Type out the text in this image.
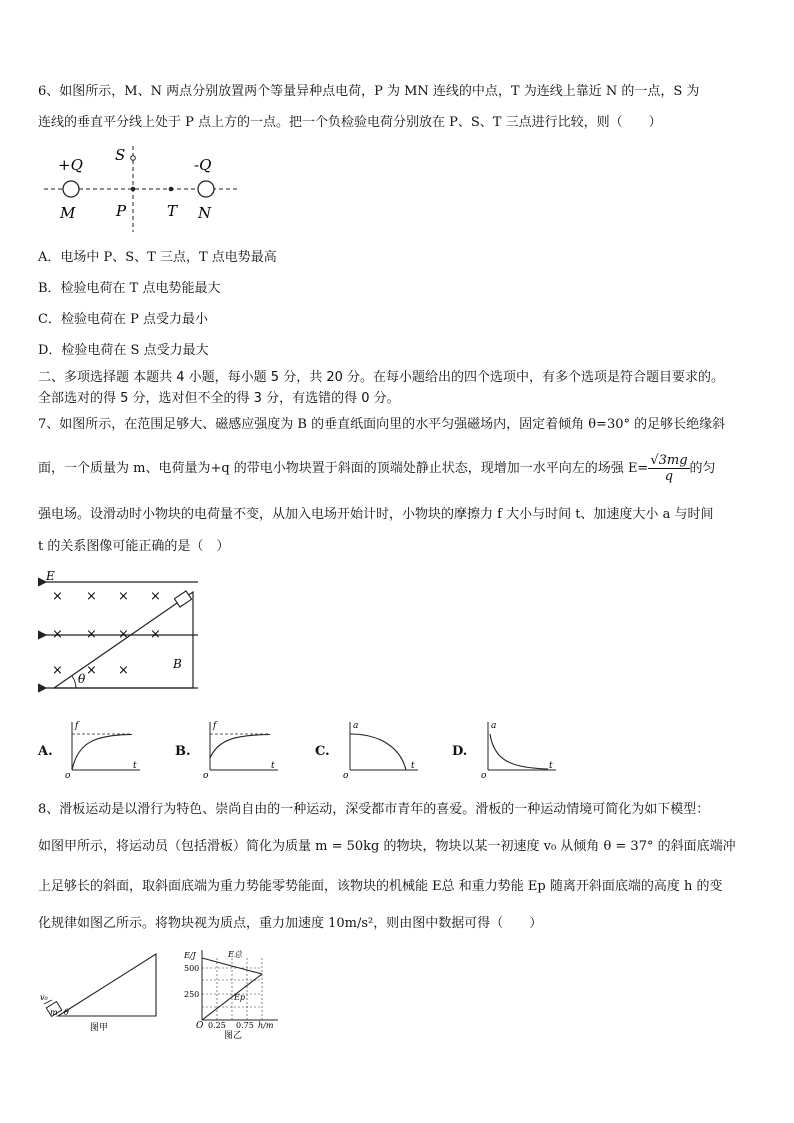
6、如图所示，M、N 两点分别放置两个等量异种点电荷，P 为 MN 连线的中点，T 为连线上靠近 N 的一点，S 为
连线的垂直平分线上处于 P 点上方的一点。把一个负检验电荷分别放在 P、S、T 三点进行比较，则（　　）
+Q	-Q
S
M	P	T N
A．电场中 P、S、T 三点，T 点电势最高
B．检验电荷在 T 点电势能最大
C．检验电荷在 P 点受力最小
D．检验电荷在 S 点受力最大
二、多项选择题 本题共 4 小题，每小题 5 分，共 20 分。在每小题给出的四个选项中，有多个选项是符合题目要求的。
全部选对的得 5 分，选对但不全的得 3 分，有选错的得 0 分。
7、如图所示，在范围足够大、磁感应强度为 B 的垂直纸面向里的水平匀强磁场内，固定着倾角 θ=30° 的足够长绝缘斜
面，一个质量为 m、电荷量为+q 的带电小物块置于斜面的顶端处静止状态，现增加一水平向左的场强 $E= \frac{√3mg}{q}$ 的匀
强电场。设滑动时小物块的电荷量不变，从加入电场开始计时，小物块的摩擦力 f 大小与时间 t、加速度大小 a 与时间
t 的关系图像可能正确的是（　）
E
θ
B
× × × ×
× × × ×
× × ×
A.
f
t
o
B.
f
t
o
C.
a
t
o
D.
a
t
o
8、滑板运动是以滑行为特色、崇尚自由的一种运动，深受都市青年的喜爱。滑板的一种运动情境可简化为如下模型：
如图甲所示，将运动员（包括滑板）简化为质量 m = 50kg 的物块，物块以某一初速度 v₀ 从倾角 θ = 37° 的斜面底端冲
上足够长的斜面，取斜面底端为重力势能零势能面，该物块的机械能 E总 和重力势能 Ep 随离开斜面底端的高度 h 的变
化规律如图乙所示。将物块视为质点，重力加速度 10m/s²，则由图中数据可得（　　）
v₀
m θ
图甲
E总
Ep
E/J
500
250
O 0.25 0.75 h/m
图乙
